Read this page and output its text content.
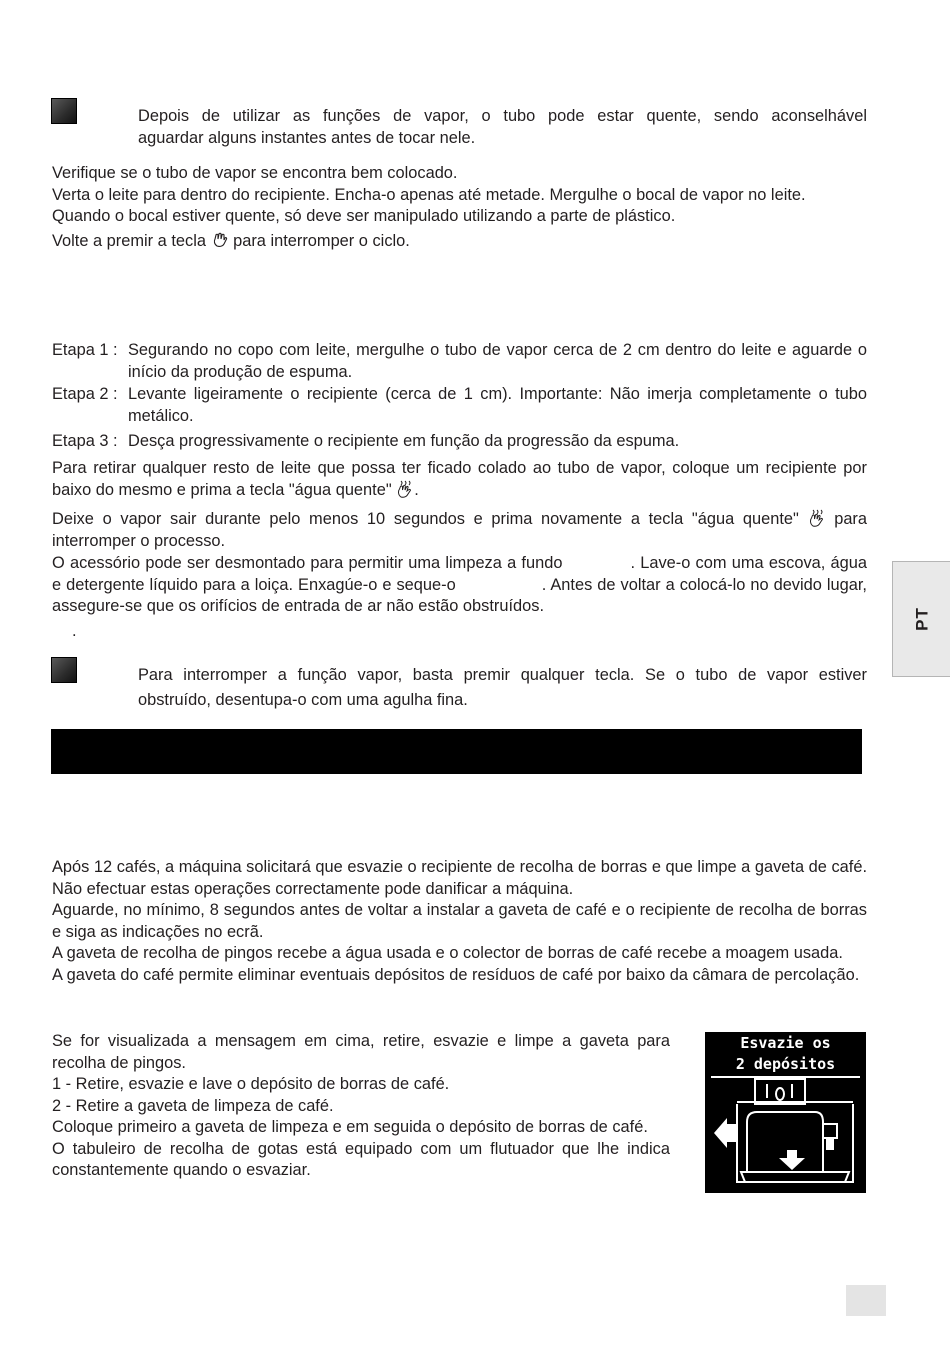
Depois de utilizar as funções de vapor, o tubo pode estar quente, sendo aconselhável
aguardar alguns instantes antes de tocar nele.

Verifique se o tubo de vapor se encontra bem colocado.

Verta o leite para dentro do recipiente. Encha-o apenas até metade. Mergulhe o bocal de vapor no leite.

Quando o bocal estiver quente, só deve ser manipulado utilizando a parte de plástico.

Volte a premir a tecla para interromper o ciclo.

Etapa 1 : Segurando no copo com leite, mergulhe o tubo de vapor cerca de 2 cm dentro do leite e aguarde o início da produção de espuma.
Etapa 2 : Levante ligeiramente o recipiente (cerca de 1 cm). Importante: Não imerja completamente o tubo metálico.
Etapa 3 : Desça progressivamente o recipiente em função da progressão da espuma.
Para retirar qualquer resto de leite que possa ter ficado colado ao tubo de vapor, coloque um recipiente por baixo do mesmo e prima a tecla "água quente" .
Deixe o vapor sair durante pelo menos 10 segundos e prima novamente a tecla "água quente" para interromper o processo.
O acessório pode ser desmontado para permitir uma limpeza a fundo	. Lave-o com uma escova, água e detergente líquido para a loiça. Enxagúe-o e seque-o	. Antes de voltar a colocá-lo no devido lugar, assegure-se que os orifícios de entrada de ar não estão obstruídos.
.
Para interromper a função vapor, basta premir qualquer tecla. Se o tubo de vapor estiver
obstruído, desentupa-o com uma agulha fina.

Após 12 cafés, a máquina solicitará que esvazie o recipiente de recolha de borras e que limpe a gaveta de café. Não efectuar estas operações correctamente pode danificar a máquina.

Aguarde, no mínimo, 8 segundos antes de voltar a instalar a gaveta de café e o recipiente de recolha de borras e siga as indicações no ecrã.

A gaveta de recolha de pingos recebe a água usada e o colector de borras de café recebe a moagem usada.

A gaveta do café permite eliminar eventuais depósitos de resíduos de café por baixo da câmara de percolação.

Se for visualizada a mensagem em cima, retire, esvazie e limpe a gaveta para recolha de pingos.

1 - Retire, esvazie e lave o depósito de borras de café.

2 - Retire a gaveta de limpeza de café.

Coloque primeiro a gaveta de limpeza e em seguida o depósito de borras de café.

O tabuleiro de recolha de gotas está equipado com um flutuador que lhe indica constantemente quando o esvaziar.

Esvazie os
2 depósitos
PT
